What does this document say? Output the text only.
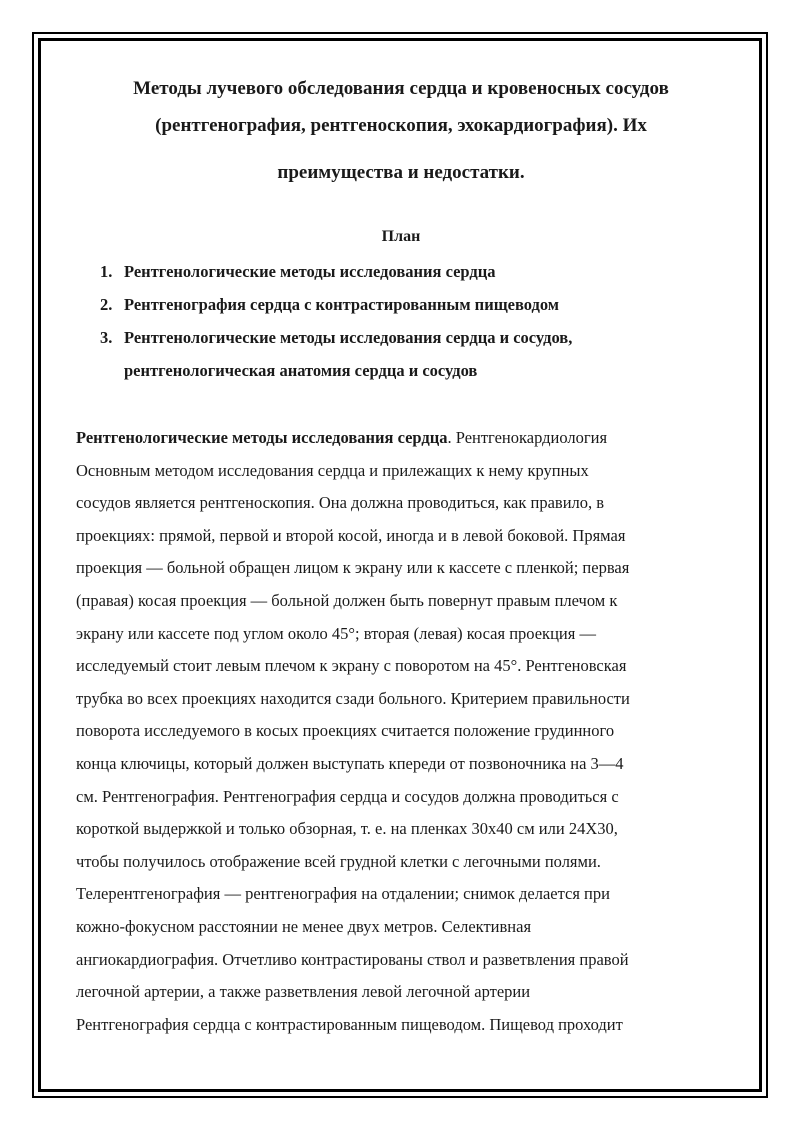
Методы лучевого обследования сердца и кровеносных сосудов
(рентгенография, рентгеноскопия, эхокардиография). Их
преимущества и недостатки.
План
1. Рентгенологические методы исследования сердца
2. Рентгенография сердца с контрастированным пищеводом
3. Рентгенологические методы исследования сердца и сосудов,
рентгенологическая анатомия сердца и сосудов
Рентгенологические методы исследования сердца. Рентгенокардиология
Основным методом исследования сердца и прилежащих к нему крупных
сосудов является рентгеноскопия. Она должна проводиться, как правило, в
проекциях: прямой, первой и второй косой, иногда и в левой боковой. Прямая
проекция — больной обращен лицом к экрану или к кассете с пленкой; первая
(правая) косая проекция — больной должен быть повернут правым плечом к
экрану или кассете под углом около 45°; вторая (левая) косая проекция —
исследуемый стоит левым плечом к экрану с поворотом на 45°. Рентгеновская
трубка во всех проекциях находится сзади больного. Критерием правильности
поворота исследуемого в косых проекциях считается положение грудинного
конца ключицы, который должен выступать кпереди от позвоночника на 3—4
см. Рентгенография. Рентгенография сердца и сосудов должна проводиться с
короткой выдержкой и только обзорная, т. е. на пленках 30x40 см или 24Х30,
чтобы получилось отображение всей грудной клетки с легочными полями.
Телерентгенография — рентгенография на отдалении; снимок делается при
кожно-фокусном расстоянии не менее двух метров. Селективная
ангиокардиография. Отчетливо контрастированы ствол и разветвления правой
легочной артерии, а также разветвления левой легочной артерии
Рентгенография сердца с контрастированным пищеводом. Пищевод проходит
